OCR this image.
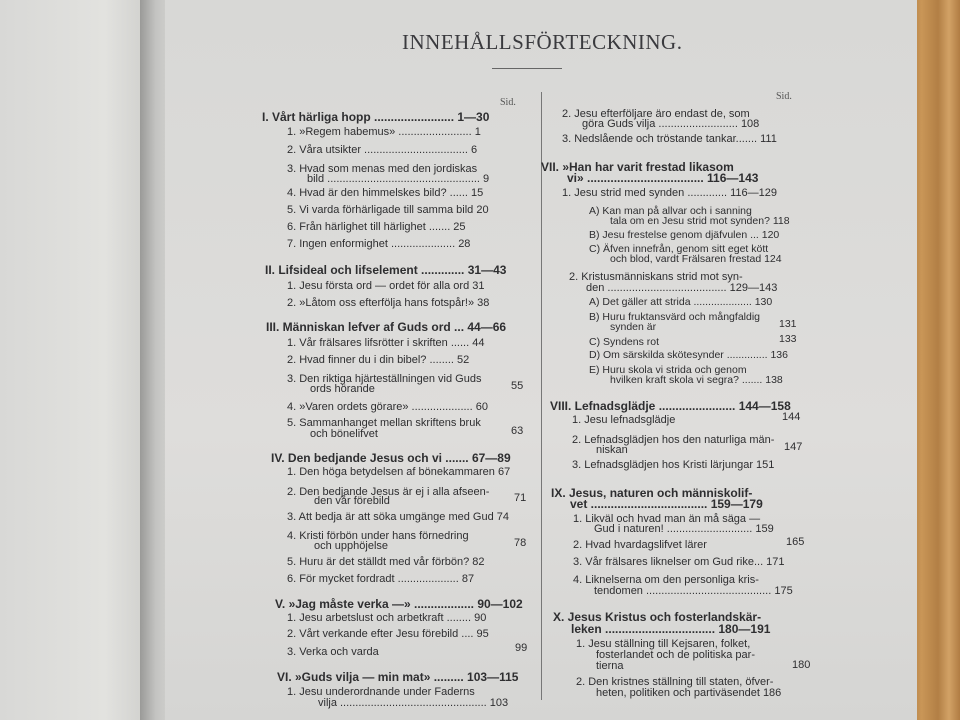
INNEHÅLLSFÖRTECKNING.
Sid.
Sid.
I. Vårt härliga hopp ........................ 1—30
1. »Regem habemus» ........................ 1
2. Våra utsikter .................................. 6
3. Hvad som menas med den jordiskas
bild .................................................. 9
4. Hvad är den himmelskes bild? ...... 15
5. Vi varda förhärligade till samma bild 20
6. Från härlighet till härlighet ....... 25
7. Ingen enformighet ..................... 28
II. Lifsideal och lifselement ............. 31—43
1. Jesu första ord — ordet för alla ord 31
2. »Låtom oss efterfölja hans fotspår!» 38
III. Människan lefver af Guds ord ... 44—66
1. Vår frälsares lifsrötter i skriften ...... 44
2. Hvad finner du i din bibel? ........ 52
3. Den riktiga hjärteställningen vid Guds
ords hörande	55
4. »Varen ordets görare» .................... 60
5. Sammanhanget mellan skriftens bruk
och bönelifvet	63
IV. Den bedjande Jesus och vi ....... 67—89
1. Den höga betydelsen af bönekammaren 67
2. Den bedjande Jesus är ej i alla afseen-
den vår förebild	71
3. Att bedja är att söka umgänge med Gud 74
4. Kristi förbön under hans förnedring
och upphöjelse	78
5. Huru är det ställdt med vår förbön? 82
6. För mycket fordradt .................... 87
V. »Jag måste verka —» .................. 90—102
1. Jesu arbetslust och arbetkraft ........ 90
2. Vårt verkande efter Jesu förebild .... 95
3. Verka och varda	99
VI. »Guds vilja — min mat» ......... 103—115
1. Jesu underordnande under Faderns
vilja ................................................ 103
2. Jesu efterföljare äro endast de, som
göra Guds vilja .......................... 108
3. Nedslående och tröstande tankar....... 111
VII. »Han har varit frestad likasom
vi» ................................... 116—143
1. Jesu strid med synden ............. 116—129
A) Kan man på allvar och i sanning
tala om en Jesu strid mot synden? 118
B) Jesu frestelse genom djäfvulen ... 120
C) Äfven innefrån, genom sitt eget kött
och blod, vardt Frälsaren frestad 124
2. Kristusmänniskans strid mot syn-
den ....................................... 129—143
A) Det gäller att strida .................... 130
B) Huru fruktansvärd och mångfaldig
synden är	131
C) Syndens rot	133
D) Om särskilda skötesynder .............. 136
E) Huru skola vi strida och genom
hvilken kraft skola vi segra? ....... 138
VIII. Lefnadsglädje ....................... 144—158
1. Jesu lefnadsglädje	144
2. Lefnadsglädjen hos den naturliga män-
niskan	147
3. Lefnadsglädjen hos Kristi lärjungar 151
IX. Jesus, naturen och människolif-
vet ................................... 159—179
1. Likväl och hvad man än må säga —
Gud i naturen! ............................ 159
2. Hvad hvardagslifvet lärer	165
3. Vår frälsares liknelser om Gud rike... 171
4. Liknelserna om den personliga kris-
tendomen ......................................... 175
X. Jesus Kristus och fosterlandskär-
leken ................................. 180—191
1. Jesu ställning till Kejsaren, folket,
fosterlandet och de politiska par-
tierna	180
2. Den kristnes ställning till staten, öfver-
heten, politiken och partiväsendet 186
